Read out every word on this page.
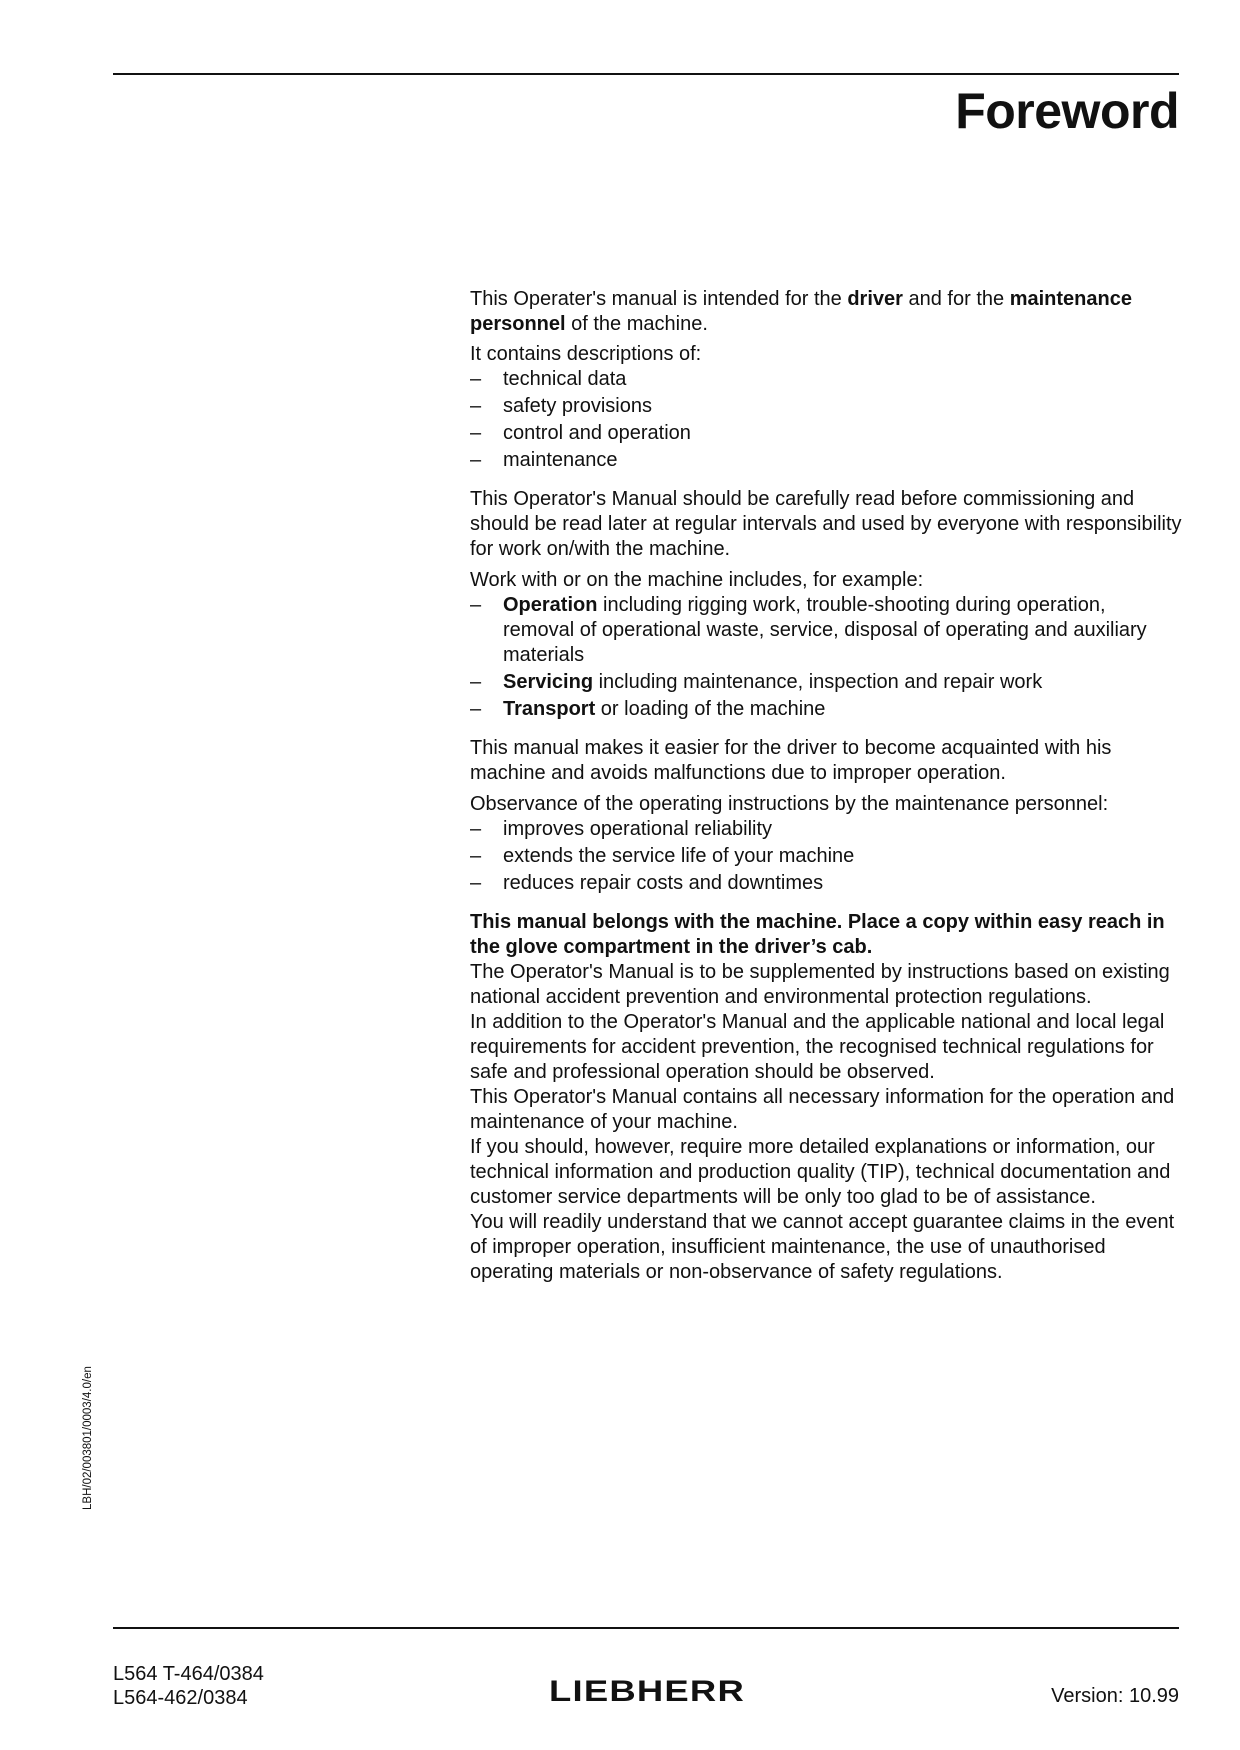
Foreword

This Operater's manual is intended for the driver and for the maintenance personnel of the machine.

It contains descriptions of:

– technical data
– safety provisions
– control and operation
– maintenance

This Operator's Manual should be carefully read before commissioning and should be read later at regular intervals and used by everyone with responsibility for work on/with the machine.

Work with or on the machine includes, for example:

– Operation including rigging work, trouble-shooting during operation, removal of operational waste, service, disposal of operating and auxiliary materials
– Servicing including maintenance, inspection and repair work
– Transport or loading of the machine

This manual makes it easier for the driver to become acquainted with his machine and avoids malfunctions due to improper operation.

Observance of the operating instructions by the maintenance personnel:

– improves operational reliability
– extends the service life of your machine
– reduces repair costs and downtimes

This manual belongs with the machine. Place a copy within easy reach in the glove compartment in the driver’s cab.

The Operator's Manual is to be supplemented by instructions based on existing national accident prevention and environmental protection regulations.

In addition to the Operator's Manual and the applicable national and local legal requirements for accident prevention, the recognised technical regulations for safe and professional operation should be observed.

This Operator's Manual contains all necessary information for the operation and maintenance of your machine.

If you should, however, require more detailed explanations or information, our technical information and production quality (TIP), technical documentation and customer service departments will be only too glad to be of assistance.

You will readily understand that we cannot accept guarantee claims in the event of improper operation, insufficient maintenance, the use of unauthorised operating materials or non-observance of safety regulations.

LBH/02/003801/0003/4.0/en
L564 T-464/0384
L564-462/0384	LIEBHERR	Version: 10.99
